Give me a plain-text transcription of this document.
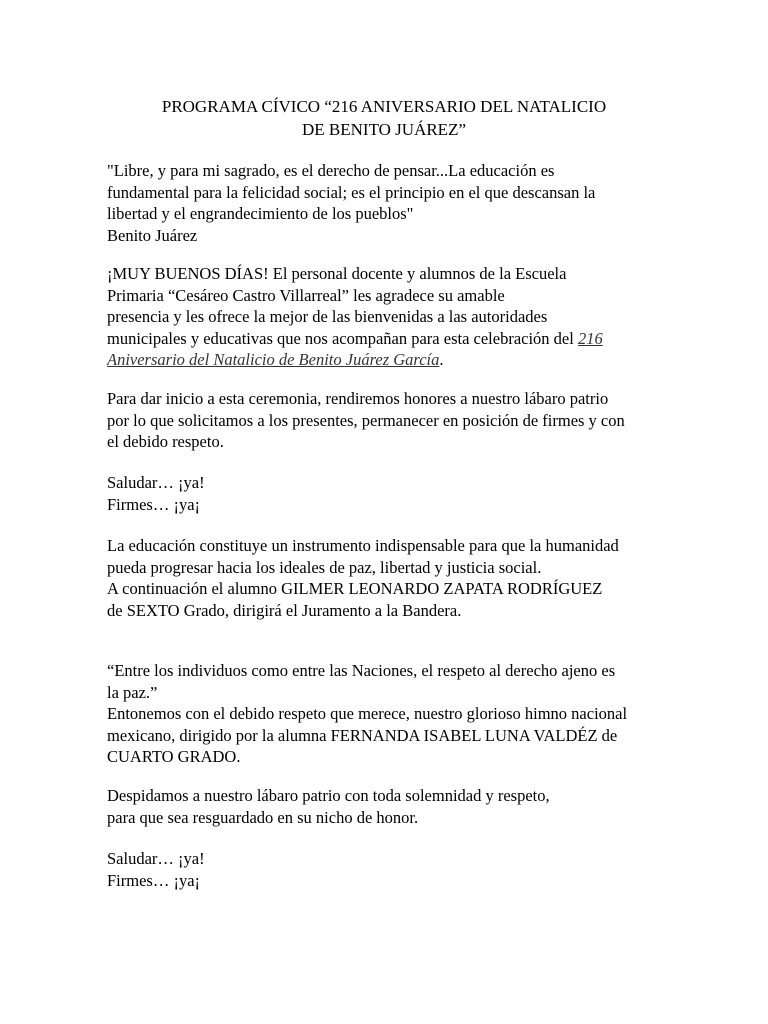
PROGRAMA CÍVICO “216 ANIVERSARIO DEL NATALICIO
DE BENITO JUÁREZ”
"Libre, y para mi sagrado, es el derecho de pensar...La educación es
fundamental para la felicidad social; es el principio en el que descansan la
libertad y el engrandecimiento de los pueblos"
Benito Juárez
¡MUY BUENOS DÍAS! El personal docente y alumnos de la Escuela
Primaria “Cesáreo Castro Villarreal” les agradece su amable
presencia y les ofrece la mejor de las bienvenidas a las autoridades
municipales y educativas que nos acompañan para esta celebración del 216
Aniversario del Natalicio de Benito Juárez García.
Para dar inicio a esta ceremonia, rendiremos honores a nuestro lábaro patrio
por lo que solicitamos a los presentes, permanecer en posición de firmes y con
el debido respeto.
Saludar… ¡ya!
Firmes… ¡ya¡
La educación constituye un instrumento indispensable para que la humanidad
pueda progresar hacia los ideales de paz, libertad y justicia social.
A continuación el alumno GILMER LEONARDO ZAPATA RODRÍGUEZ
de SEXTO Grado, dirigirá el Juramento a la Bandera.
“Entre los individuos como entre las Naciones, el respeto al derecho ajeno es
la paz.”
Entonemos con el debido respeto que merece, nuestro glorioso himno nacional
mexicano, dirigido por la alumna FERNANDA ISABEL LUNA VALDÉZ de
CUARTO GRADO.
Despidamos a nuestro lábaro patrio con toda solemnidad y respeto,
para que sea resguardado en su nicho de honor.
Saludar… ¡ya!
Firmes… ¡ya¡
